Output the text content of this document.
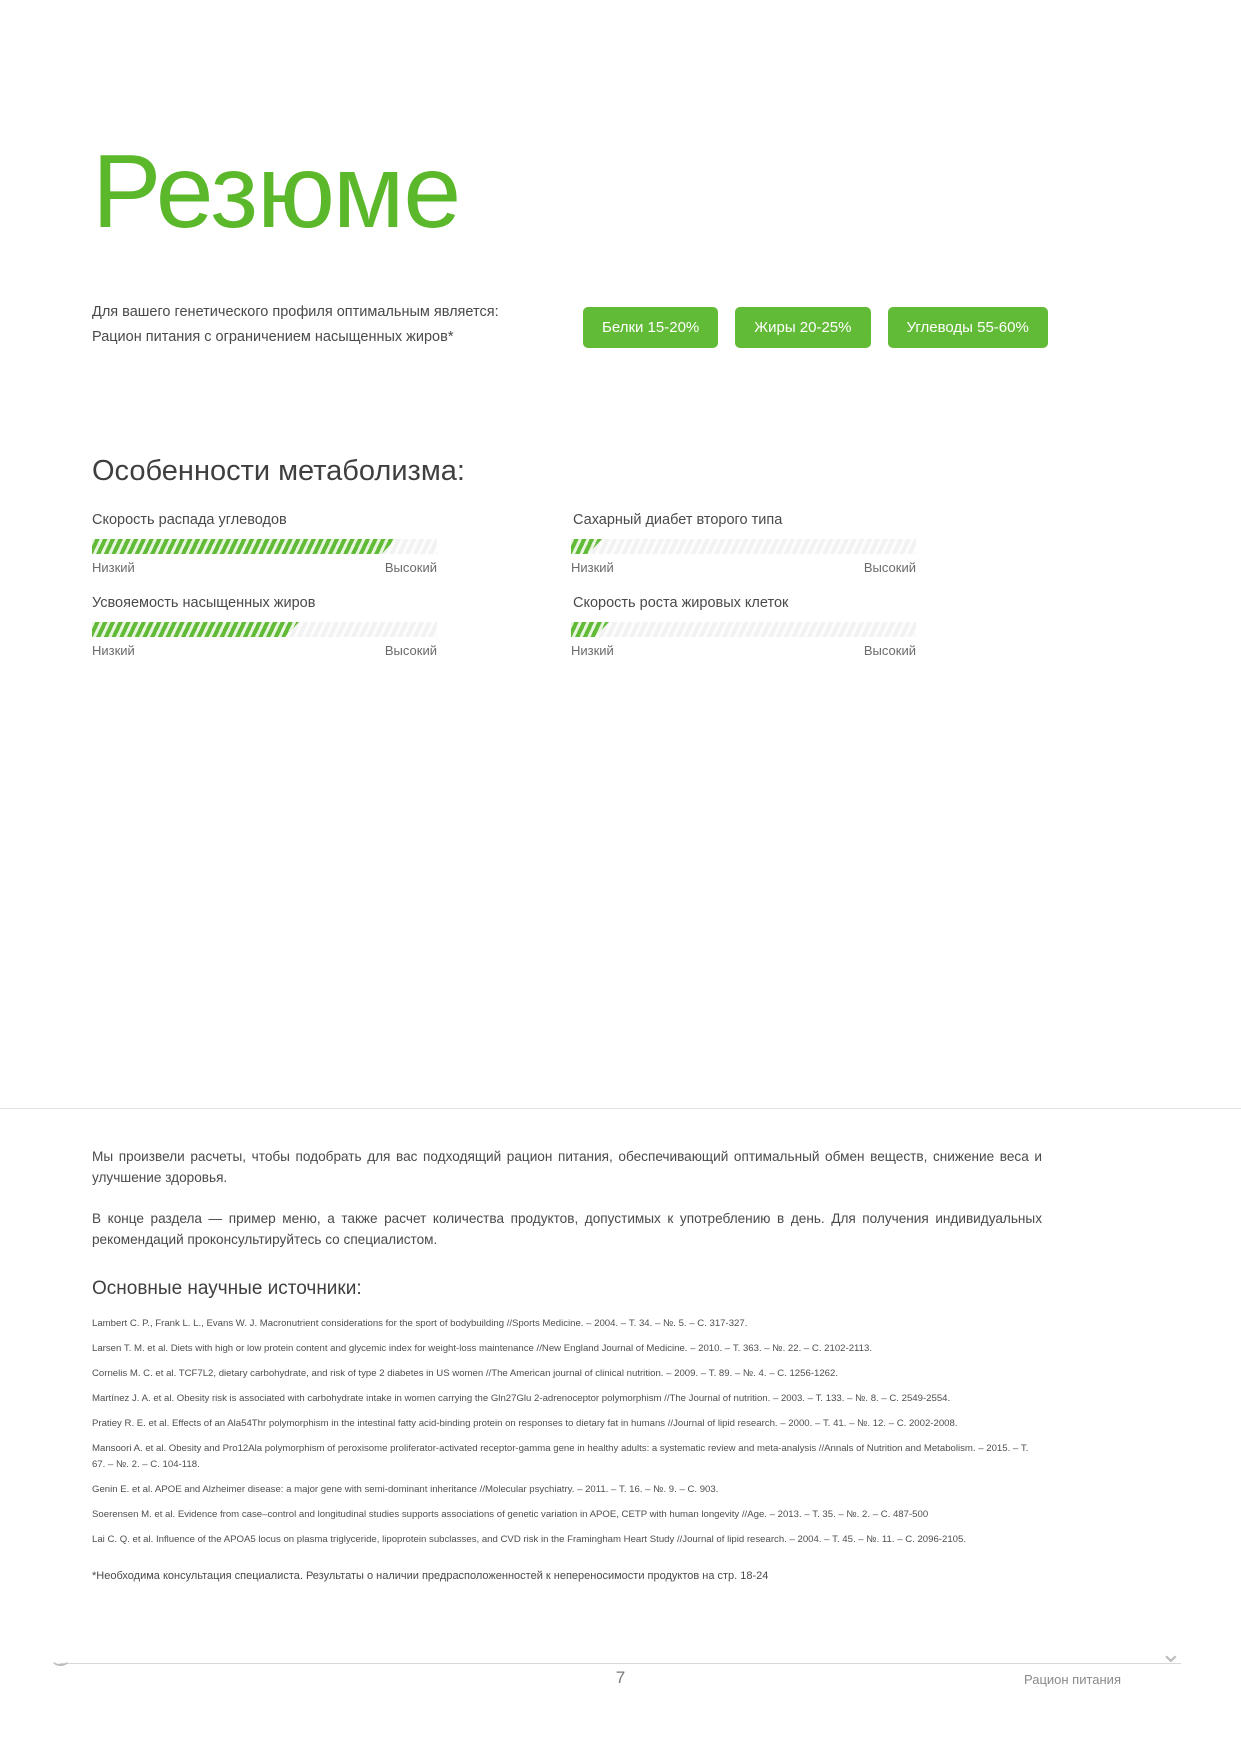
Резюме
Для вашего генетического профиля оптимальным является:
Рацион питания с ограничением насыщенных жиров*
Белки 15-20%	Жиры 20-25%	Углеводы 55-60%
Особенности метаболизма:
Скорость распада углеводов
Низкий	Высокий
Сахарный диабет второго типа
Низкий	Высокий
Усвояемость насыщенных жиров
Низкий	Высокий
Скорость роста жировых клеток
Низкий	Высокий
Мы произвели расчеты, чтобы подобрать для вас подходящий рацион питания, обеспечивающий оптимальный обмен веществ, снижение веса и улучшение здоровья.
В конце раздела — пример меню, а также расчет количества продуктов, допустимых к употреблению в день. Для получения индивидуальных рекомендаций проконсультируйтесь со специалистом.
Основные научные источники:
Lambert C. P., Frank L. L., Evans W. J. Macronutrient considerations for the sport of bodybuilding //Sports Medicine. – 2004. – Т. 34. – №. 5. – С. 317-327.
Larsen T. M. et al. Diets with high or low protein content and glycemic index for weight-loss maintenance //New England Journal of Medicine. – 2010. – Т. 363. – №. 22. – С. 2102-2113.
Cornelis M. C. et al. TCF7L2, dietary carbohydrate, and risk of type 2 diabetes in US women //The American journal of clinical nutrition. – 2009. – Т. 89. – №. 4. – С. 1256-1262.
Martínez J. A. et al. Obesity risk is associated with carbohydrate intake in women carrying the Gln27Glu 2-adrenoceptor polymorphism //The Journal of nutrition. – 2003. – Т. 133. – №. 8. – С. 2549-2554.
Pratiey R. E. et al. Effects of an Ala54Thr polymorphism in the intestinal fatty acid-binding protein on responses to dietary fat in humans //Journal of lipid research. – 2000. – Т. 41. – №. 12. – С. 2002-2008.
Mansoori A. et al. Obesity and Pro12Ala polymorphism of peroxisome proliferator-activated receptor-gamma gene in healthy adults: a systematic review and meta-analysis //Annals of Nutrition and Metabolism. – 2015. – Т. 67. – №. 2. – С. 104-118.
Genin E. et al. APOE and Alzheimer disease: a major gene with semi-dominant inheritance //Molecular psychiatry. – 2011. – Т. 16. – №. 9. – С. 903.
Soerensen M. et al. Evidence from case–control and longitudinal studies supports associations of genetic variation in APOE, CETP with human longevity //Age. – 2013. – Т. 35. – №. 2. – С. 487-500
Lai C. Q. et al. Influence of the APOA5 locus on plasma triglyceride, lipoprotein subclasses, and CVD risk in the Framingham Heart Study //Journal of lipid research. – 2004. – Т. 45. – №. 11. – С. 2096-2105.
*Необходима консультация специалиста. Результаты о наличии предрасположенностей к непереносимости продуктов на стр. 18-24
⌣	⌄
7	Рацион питания
